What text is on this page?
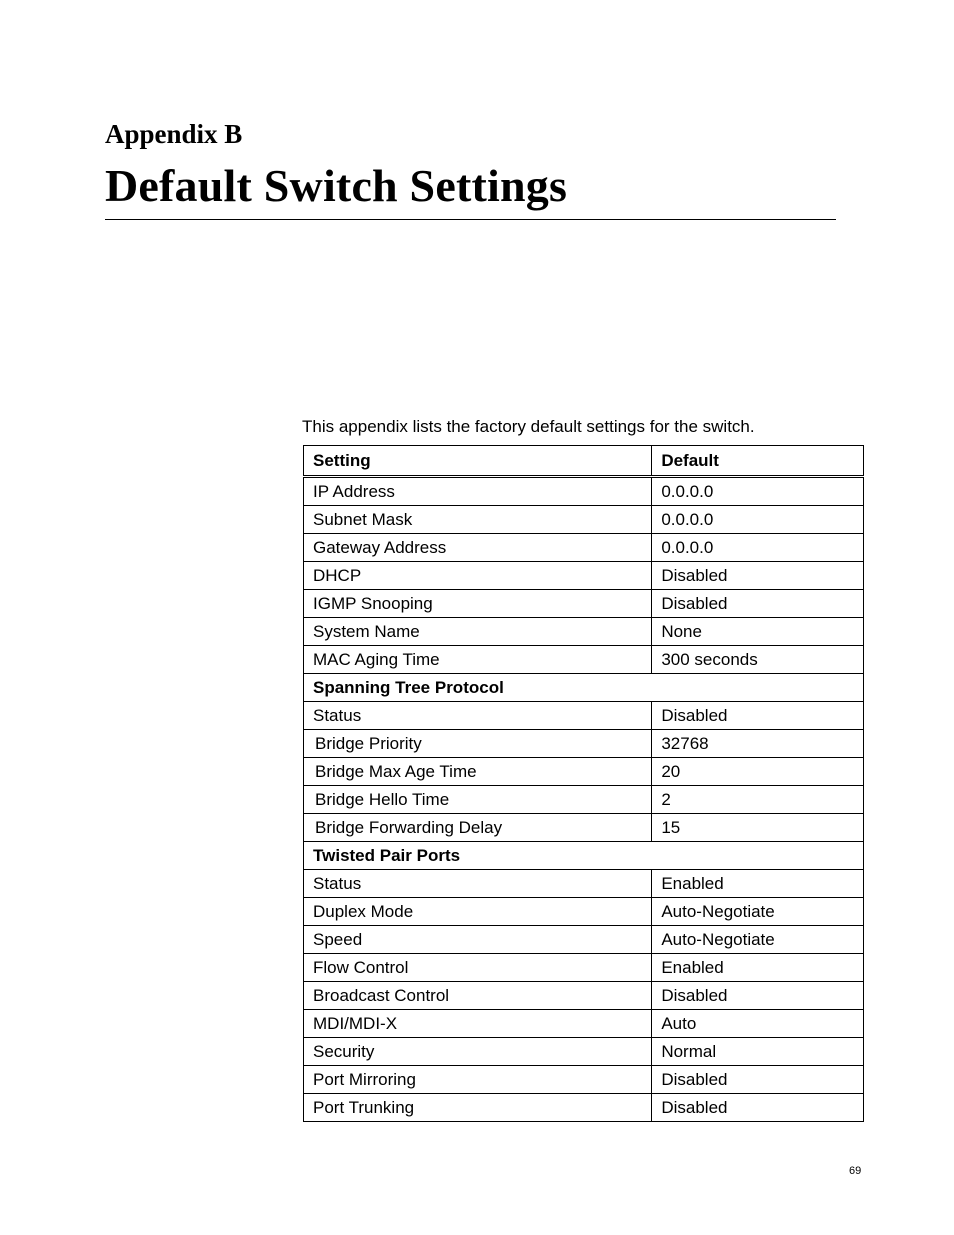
Appendix B
Default Switch Settings

This appendix lists the factory default settings for the switch.

Setting	Default
IP Address	0.0.0.0
Subnet Mask	0.0.0.0
Gateway Address	0.0.0.0
DHCP	Disabled
IGMP Snooping	Disabled
System Name	None
MAC Aging Time	300 seconds
Spanning Tree Protocol	
Status	Disabled
Bridge Priority	32768
Bridge Max Age Time	20
Bridge Hello Time	2
Bridge Forwarding Delay	15
Twisted Pair Ports	
Status	Enabled
Duplex Mode	Auto-Negotiate
Speed	Auto-Negotiate
Flow Control	Enabled
Broadcast Control	Disabled
MDI/MDI-X	Auto
Security	Normal
Port Mirroring	Disabled
Port Trunking	Disabled

69
